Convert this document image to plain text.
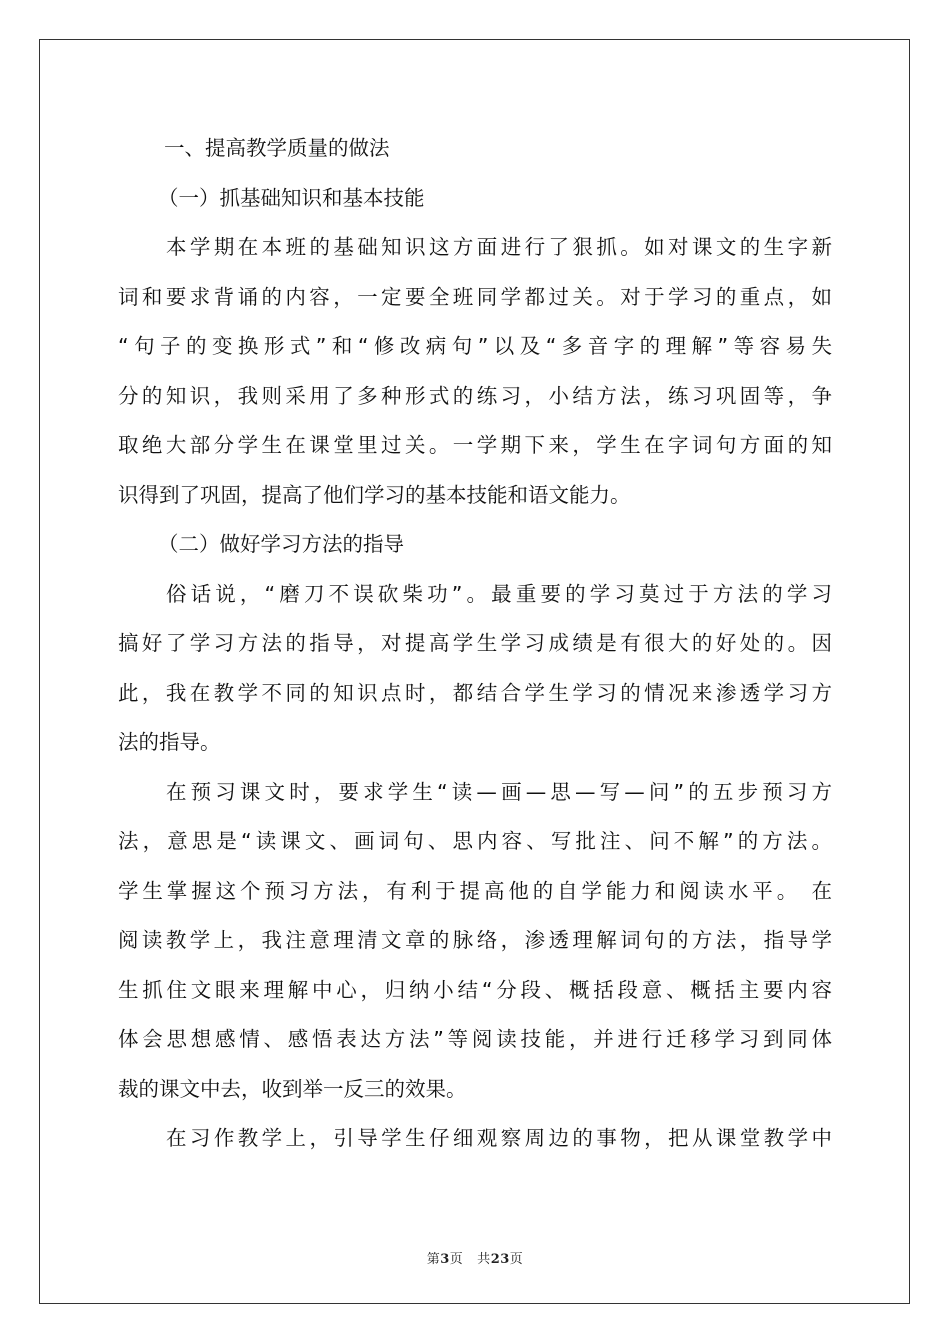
一、提高教学质量的做法
（一）抓基础知识和基本技能
本学期在本班的基础知识这方面进行了狠抓。如对课文的生字新
词和要求背诵的内容，一定要全班同学都过关。对于学习的重点，如
“句子的变换形式”和“修改病句”以及“多音字的理解”等容易失
分的知识，我则采用了多种形式的练习，小结方法，练习巩固等，争
取绝大部分学生在课堂里过关。一学期下来，学生在字词句方面的知
识得到了巩固，提高了他们学习的基本技能和语文能力。
（二）做好学习方法的指导
俗话说，“磨刀不误砍柴功”。最重要的学习莫过于方法的学习
搞好了学习方法的指导，对提高学生学习成绩是有很大的好处的。因
此，我在教学不同的知识点时，都结合学生学习的情况来渗透学习方
法的指导。
在预习课文时，要求学生“读—画—思—写—问”的五步预习方
法，意思是“读课文、画词句、思内容、写批注、问不解”的方法。
学生掌握这个预习方法，有利于提高他的自学能力和阅读水平。 在
阅读教学上，我注意理清文章的脉络，渗透理解词句的方法，指导学
生抓住文眼来理解中心，归纳小结“分段、概括段意、概括主要内容
体会思想感情、感悟表达方法”等阅读技能，并进行迁移学习到同体
裁的课文中去，收到举一反三的效果。
在习作教学上，引导学生仔细观察周边的事物，把从课堂教学中
第3页 共23页
